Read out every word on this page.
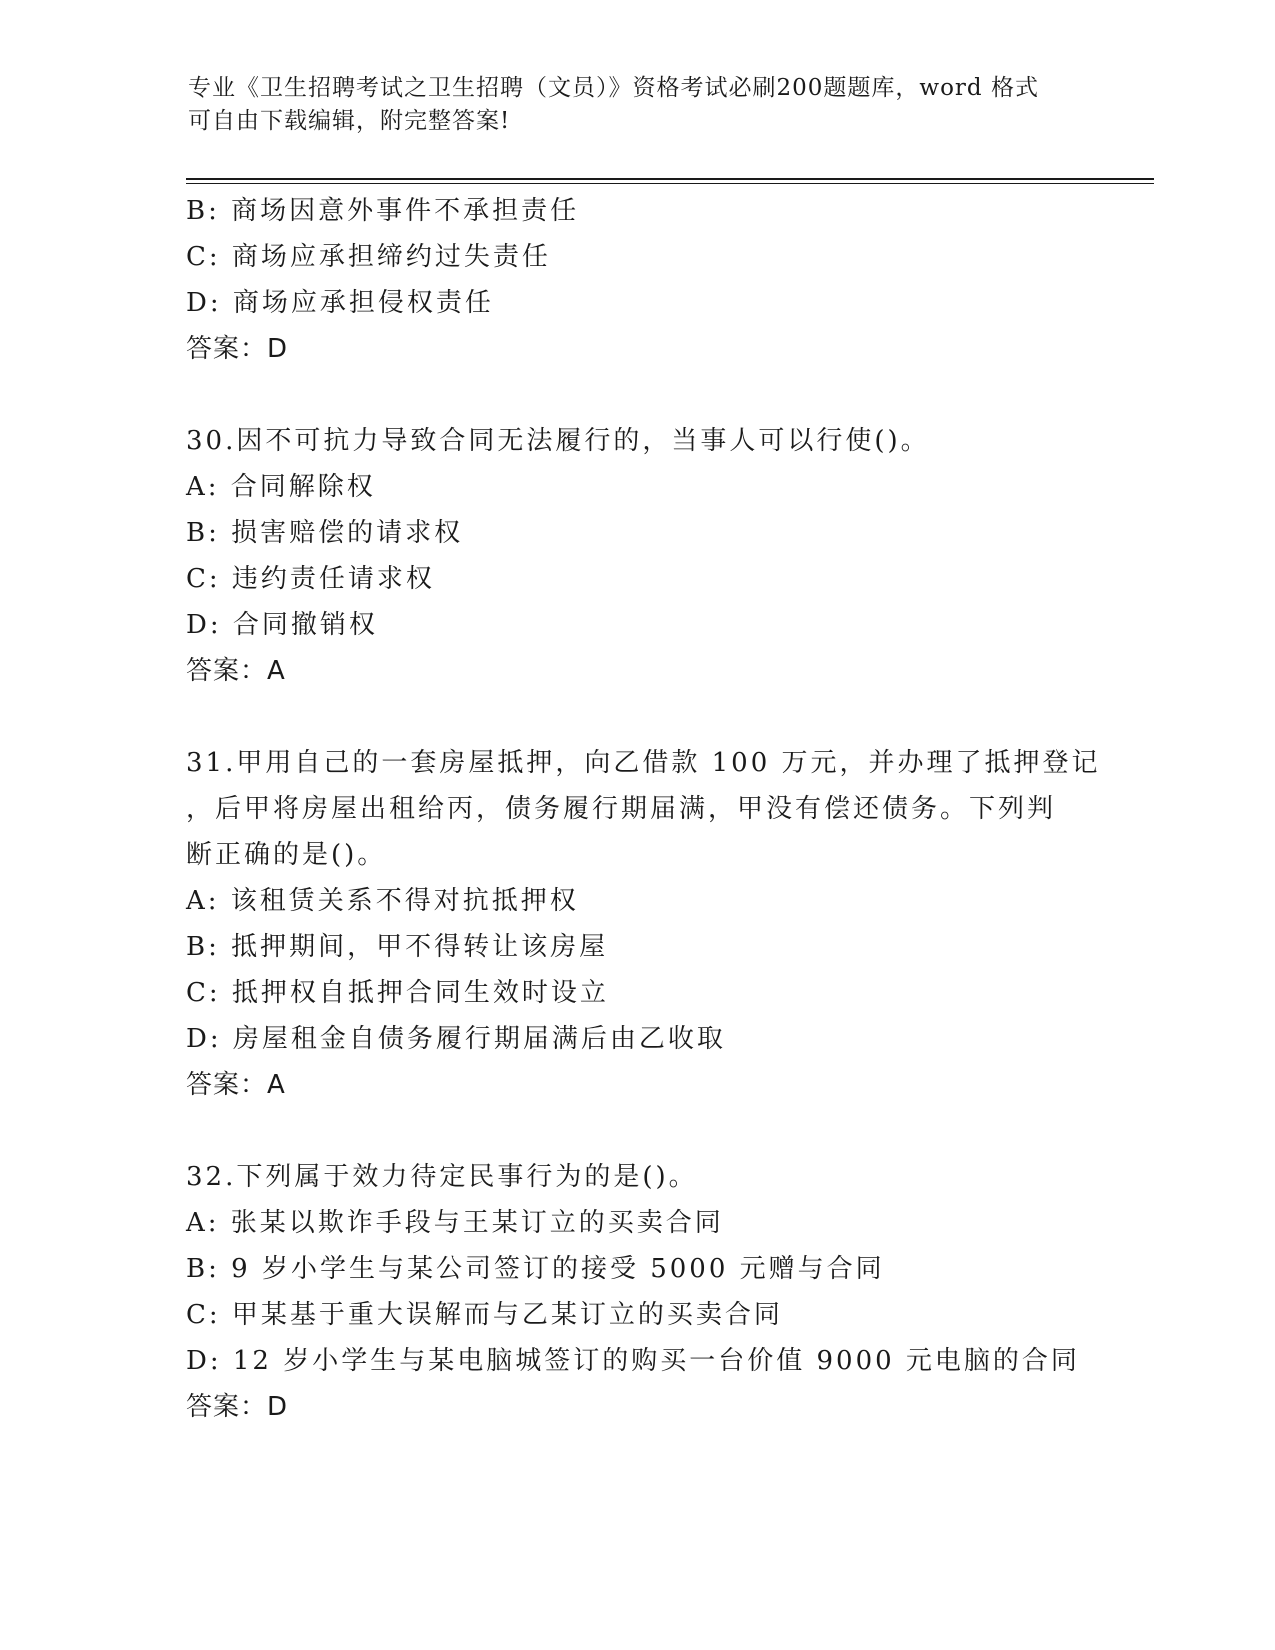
专业《卫生招聘考试之卫生招聘（文员）》资格考试必刷200题题库，word 格式
可自由下载编辑，附完整答案!
B: 商场因意外事件不承担责任
C: 商场应承担缔约过失责任
D: 商场应承担侵权责任
答案：D
30.因不可抗力导致合同无法履行的，当事人可以行使()。
A: 合同解除权
B: 损害赔偿的请求权
C: 违约责任请求权
D: 合同撤销权
答案：A
31.甲用自己的一套房屋抵押，向乙借款 100 万元，并办理了抵押登记
，后甲将房屋出租给丙，债务履行期届满，甲没有偿还债务。下列判
断正确的是()。
A: 该租赁关系不得对抗抵押权
B: 抵押期间，甲不得转让该房屋
C: 抵押权自抵押合同生效时设立
D: 房屋租金自债务履行期届满后由乙收取
答案：A
32.下列属于效力待定民事行为的是()。
A: 张某以欺诈手段与王某订立的买卖合同
B: 9 岁小学生与某公司签订的接受 5000 元赠与合同
C: 甲某基于重大误解而与乙某订立的买卖合同
D: 12 岁小学生与某电脑城签订的购买一台价值 9000 元电脑的合同
答案：D
